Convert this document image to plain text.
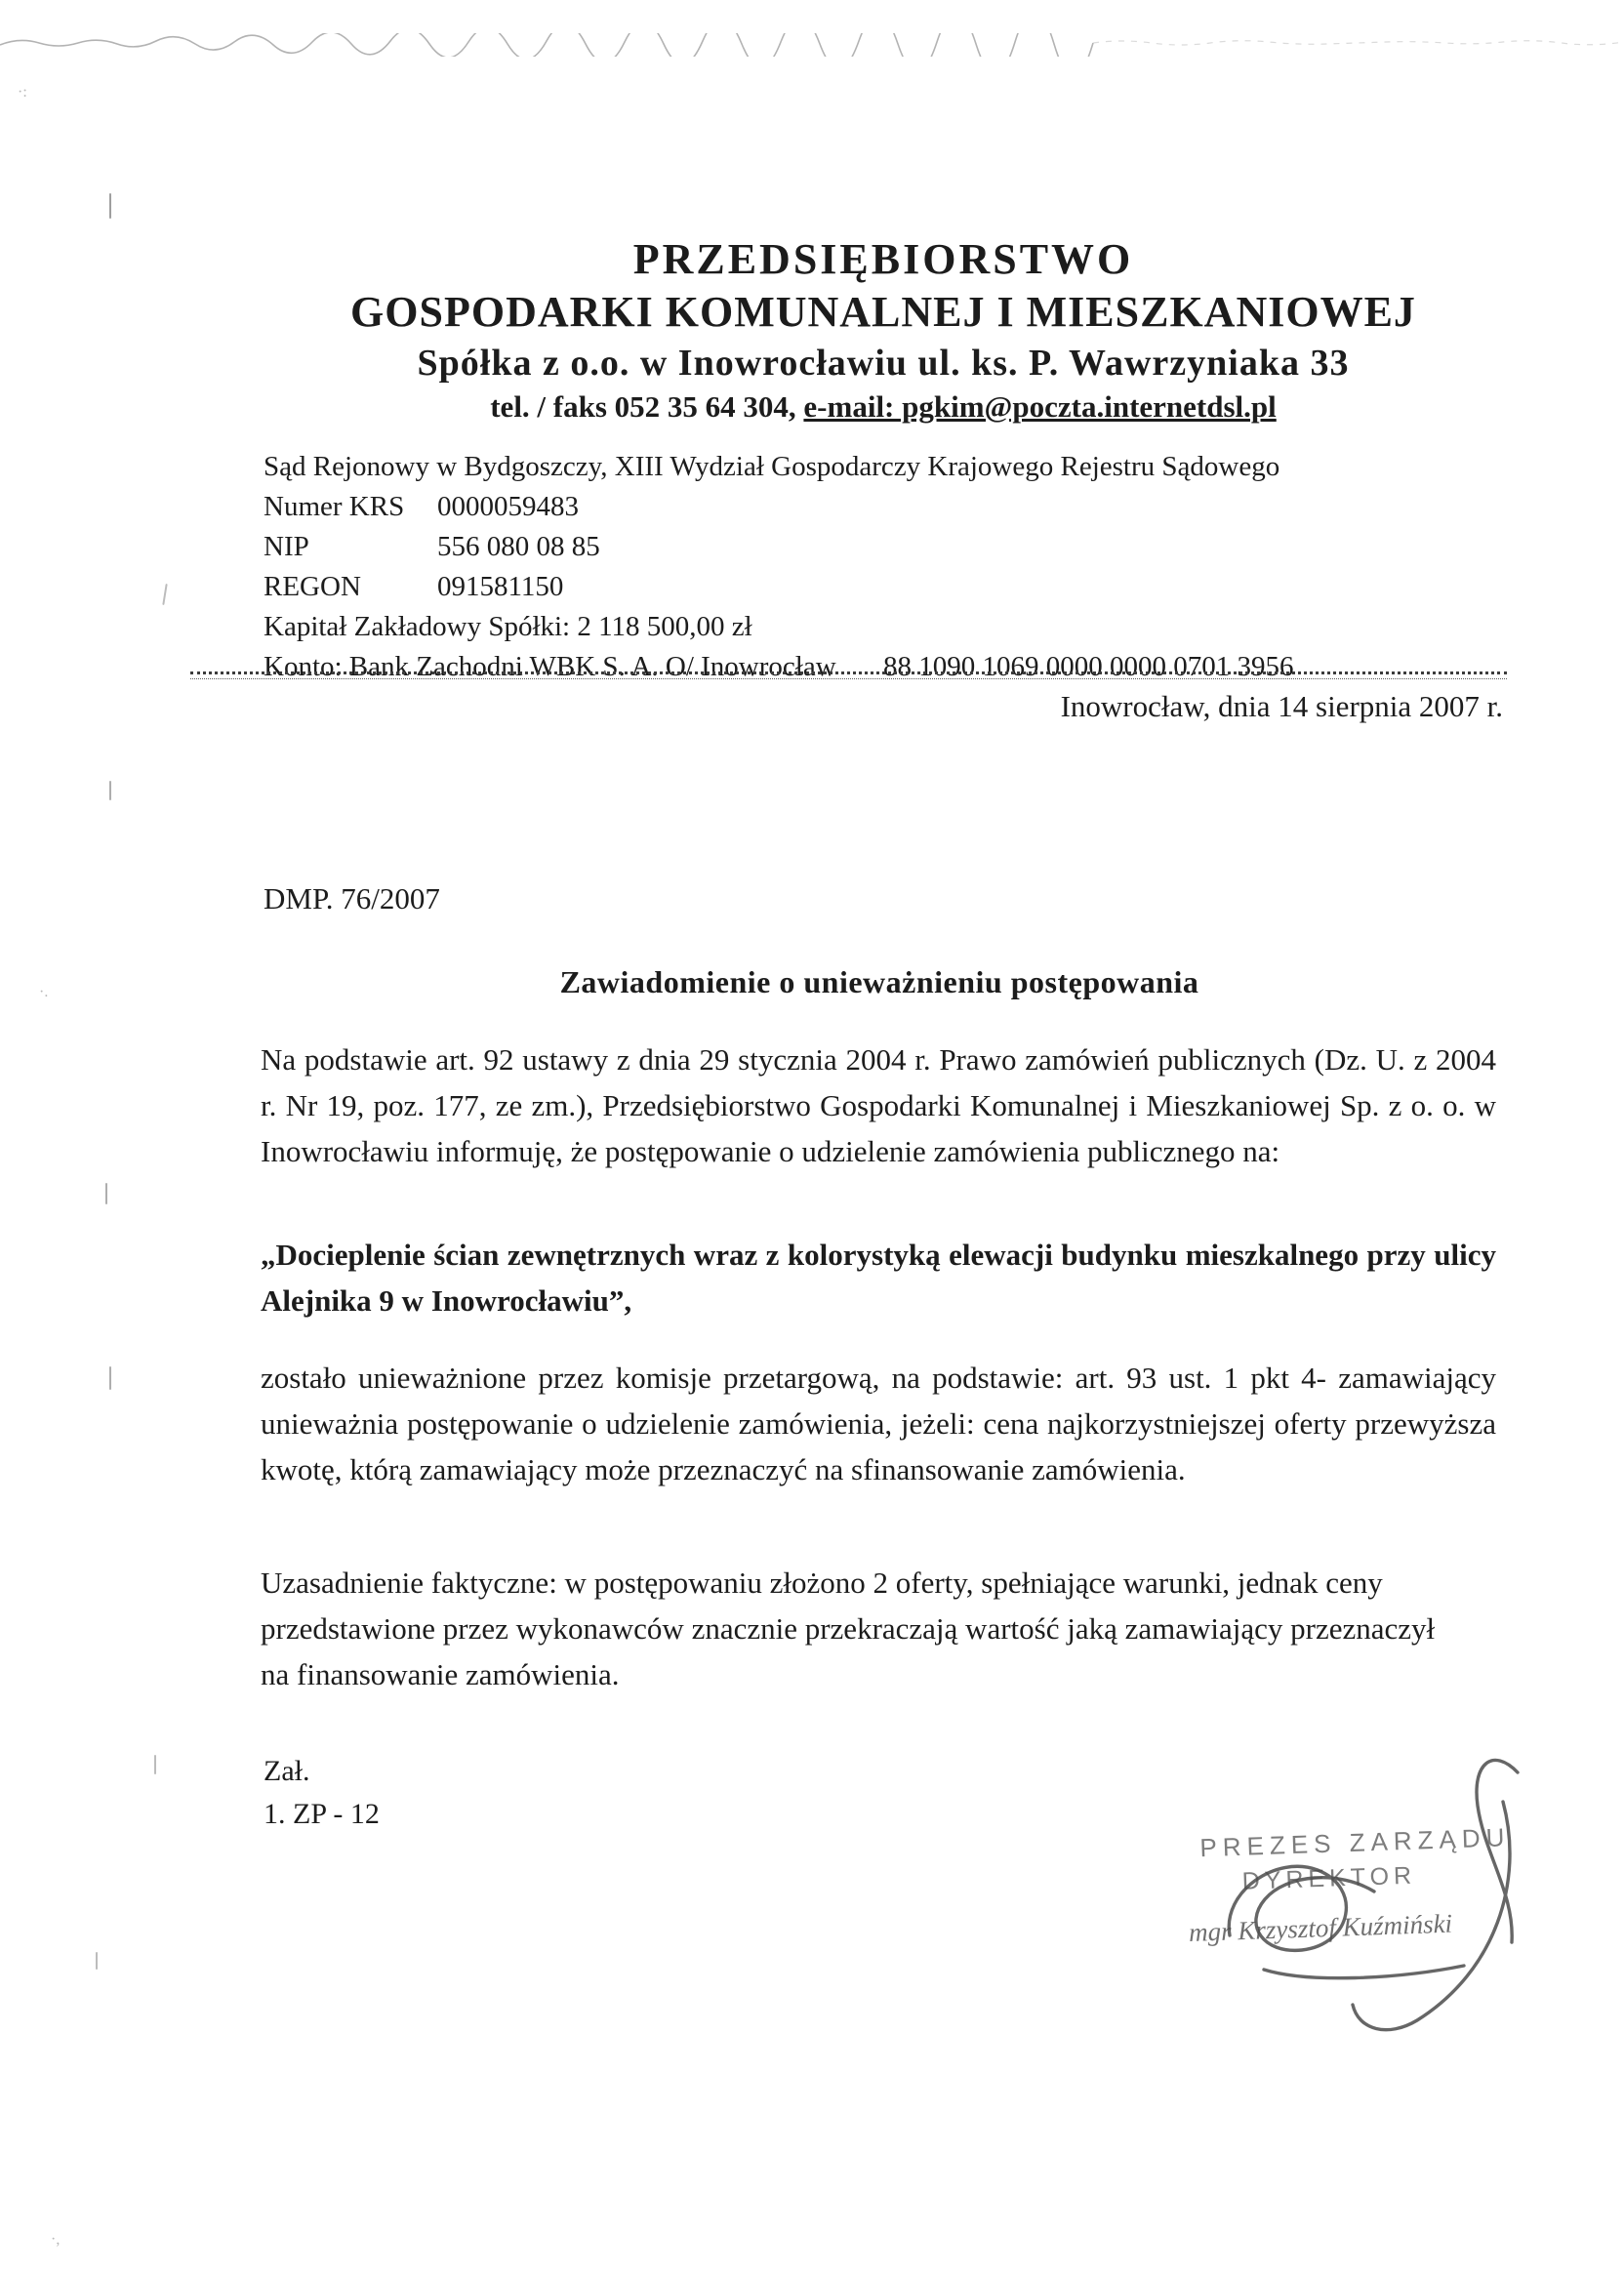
PRZEDSIĘBIORSTWO
GOSPODARKI KOMUNALNEJ I MIESZKANIOWEJ
Spółka z o.o. w Inowrocławiu ul. ks. P. Wawrzyniaka 33
tel. / faks 052 35 64 304, e-mail: pgkim@poczta.internetdsl.pl
Sąd Rejonowy w Bydgoszczy, XIII Wydział Gospodarczy Krajowego Rejestru Sądowego
Numer KRS 0000059483
NIP	556 080 08 85
REGON	091581150
Kapitał Zakładowy Spółki: 2 118 500,00 zł
Konto: Bank Zachodni WBK S. A. O/ Inowrocław 88 1090 1069 0000 0000 0701 3956
Inowrocław, dnia 14 sierpnia 2007 r.
DMP. 76/2007
Zawiadomienie o unieważnieniu postępowania
Na podstawie art. 92 ustawy z dnia 29 stycznia 2004 r. Prawo zamówień publicznych (Dz. U. z 2004 r. Nr 19, poz. 177, ze zm.), Przedsiębiorstwo Gospodarki Komunalnej i Mieszkaniowej Sp. z o. o. w Inowrocławiu informuję, że postępowanie o udzielenie zamówienia publicznego na:
„Docieplenie ścian zewnętrznych wraz z kolorystyką elewacji budynku mieszkalnego przy ulicy Alejnika 9 w Inowrocławiu”,
zostało unieważnione przez komisje przetargową, na podstawie: art. 93 ust. 1 pkt 4- zamawiający unieważnia postępowanie o udzielenie zamówienia, jeżeli: cena najkorzystniejszej oferty przewyższa kwotę, którą zamawiający może przeznaczyć na sfinansowanie zamówienia.
Uzasadnienie faktyczne: w postępowaniu złożono 2 oferty, spełniające warunki, jednak ceny przedstawione przez wykonawców znacznie przekraczają wartość jaką zamawiający przeznaczył na finansowanie zamówienia.
Zał.
1. ZP - 12
PREZES ZARZĄDU
DYREKTOR
mgr Krzysztof Kuźmiński
·:
·.
·,
